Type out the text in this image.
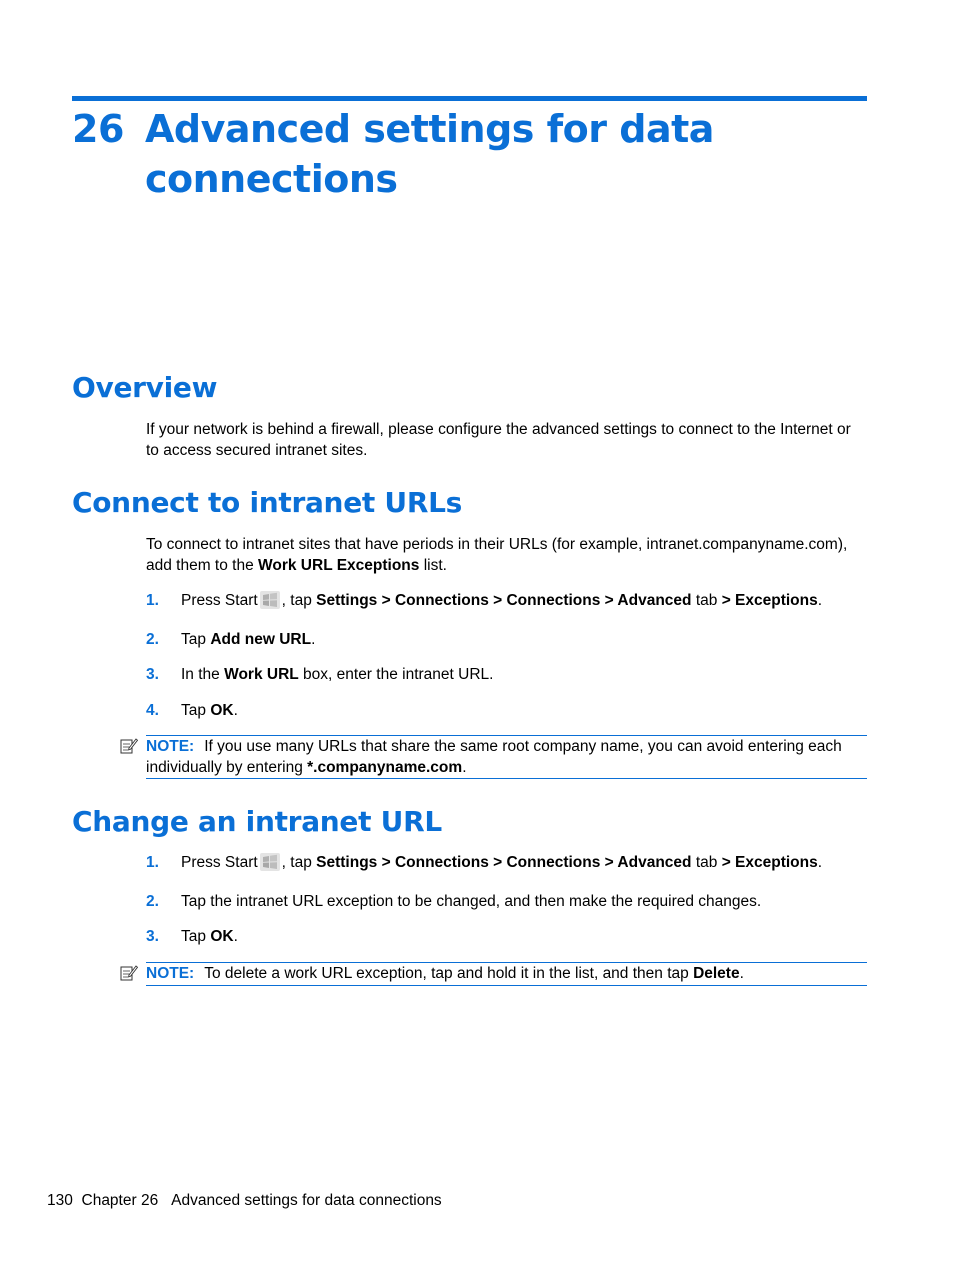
26 Advanced settings for data
connections
Overview
If your network is behind a firewall, please configure the advanced settings to connect to the Internet or to access secured intranet sites.
Connect to intranet URLs
To connect to intranet sites that have periods in their URLs (for example, intranet.companyname.com), add them to the Work URL Exceptions list.
1. Press Start , tap Settings > Connections > Connections > Advanced tab > Exceptions.
2. Tap Add new URL.
3. In the Work URL box, enter the intranet URL.
4. Tap OK.
NOTE: If you use many URLs that share the same root company name, you can avoid entering each individually by entering *.companyname.com.
Change an intranet URL
1. Press Start , tap Settings > Connections > Connections > Advanced tab > Exceptions.
2. Tap the intranet URL exception to be changed, and then make the required changes.
3. Tap OK.
NOTE: To delete a work URL exception, tap and hold it in the list, and then tap Delete.
130 Chapter 26 Advanced settings for data connections
